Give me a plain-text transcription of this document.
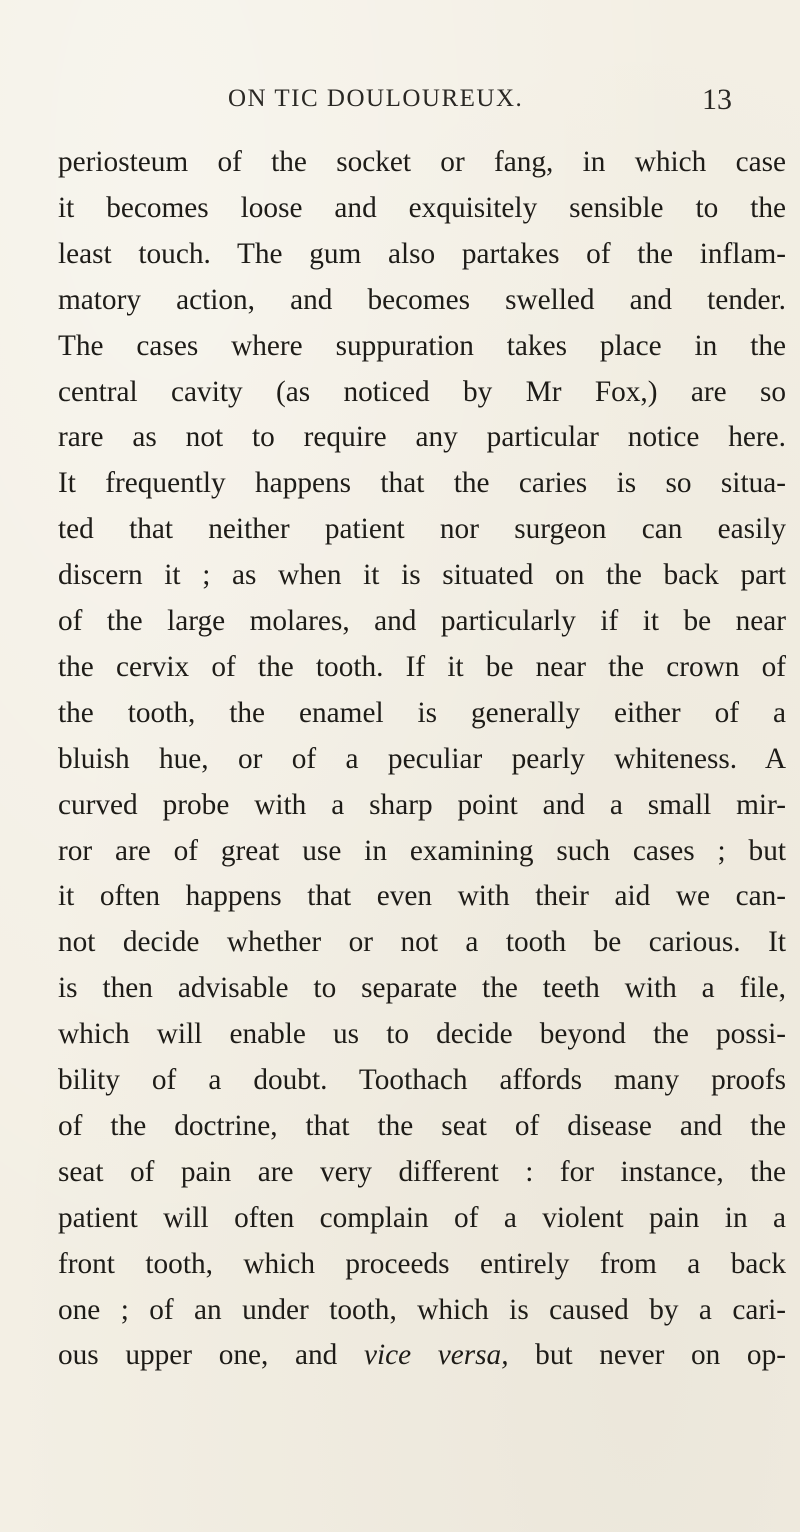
ON TIC DOULOUREUX.	13
periosteum of the socket or fang, in which case
it becomes loose and exquisitely sensible to the
least touch. The gum also partakes of the inflam-
matory action, and becomes swelled and tender.
The cases where suppuration takes place in the
central cavity (as noticed by Mr Fox,) are so
rare as not to require any particular notice here.
It frequently happens that the caries is so situa-
ted that neither patient nor surgeon can easily
discern it ; as when it is situated on the back part
of the large molares, and particularly if it be near
the cervix of the tooth. If it be near the crown of
the tooth, the enamel is generally either of a
bluish hue, or of a peculiar pearly whiteness. A
curved probe with a sharp point and a small mir-
ror are of great use in examining such cases ; but
it often happens that even with their aid we can-
not decide whether or not a tooth be carious. It
is then advisable to separate the teeth with a file,
which will enable us to decide beyond the possi-
bility of a doubt. Toothach affords many proofs
of the doctrine, that the seat of disease and the
seat of pain are very different : for instance, the
patient will often complain of a violent pain in a
front tooth, which proceeds entirely from a back
one ; of an under tooth, which is caused by a cari-
ous upper one, and vice versa, but never on op-
